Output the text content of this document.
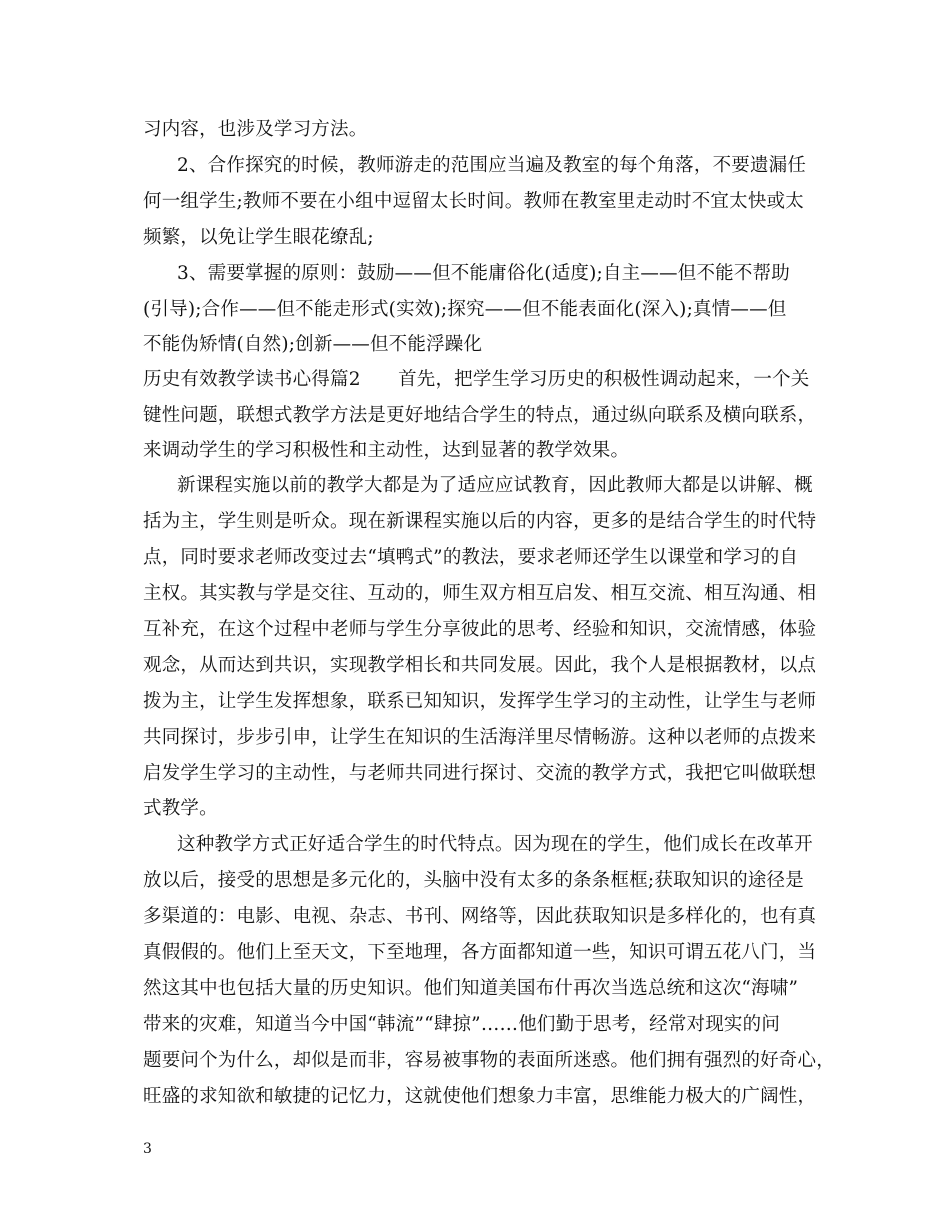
习内容，也涉及学习方法。
2、合作探究的时候，教师游走的范围应当遍及教室的每个角落，不要遗漏任
何一组学生;教师不要在小组中逗留太长时间。教师在教室里走动时不宜太快或太
频繁，以免让学生眼花缭乱;
3、需要掌握的原则：鼓励——但不能庸俗化(适度);自主——但不能不帮助
(引导);合作——但不能走形式(实效);探究——但不能表面化(深入);真情——但
不能伪矫情(自然);创新——但不能浮躁化
历史有效教学读书心得篇2　　首先，把学生学习历史的积极性调动起来，一个关
键性问题，联想式教学方法是更好地结合学生的特点，通过纵向联系及横向联系，
来调动学生的学习积极性和主动性，达到显著的教学效果。
新课程实施以前的教学大都是为了适应应试教育，因此教师大都是以讲解、概
括为主，学生则是听众。现在新课程实施以后的内容，更多的是结合学生的时代特
点，同时要求老师改变过去“填鸭式”的教法，要求老师还学生以课堂和学习的自
主权。其实教与学是交往、互动的，师生双方相互启发、相互交流、相互沟通、相
互补充，在这个过程中老师与学生分享彼此的思考、经验和知识，交流情感，体验
观念，从而达到共识，实现教学相长和共同发展。因此，我个人是根据教材，以点
拨为主，让学生发挥想象，联系已知知识，发挥学生学习的主动性，让学生与老师
共同探讨，步步引申，让学生在知识的生活海洋里尽情畅游。这种以老师的点拨来
启发学生学习的主动性，与老师共同进行探讨、交流的教学方式，我把它叫做联想
式教学。
这种教学方式正好适合学生的时代特点。因为现在的学生，他们成长在改革开
放以后，接受的思想是多元化的，头脑中没有太多的条条框框;获取知识的途径是
多渠道的：电影、电视、杂志、书刊、网络等，因此获取知识是多样化的，也有真
真假假的。他们上至天文，下至地理，各方面都知道一些，知识可谓五花八门，当
然这其中也包括大量的历史知识。他们知道美国布什再次当选总统和这次“海啸”
带来的灾难，知道当今中国“韩流”“肆掠”……他们勤于思考，经常对现实的问
题要问个为什么，却似是而非，容易被事物的表面所迷惑。他们拥有强烈的好奇心，
旺盛的求知欲和敏捷的记忆力，这就使他们想象力丰富，思维能力极大的广阔性，
3
